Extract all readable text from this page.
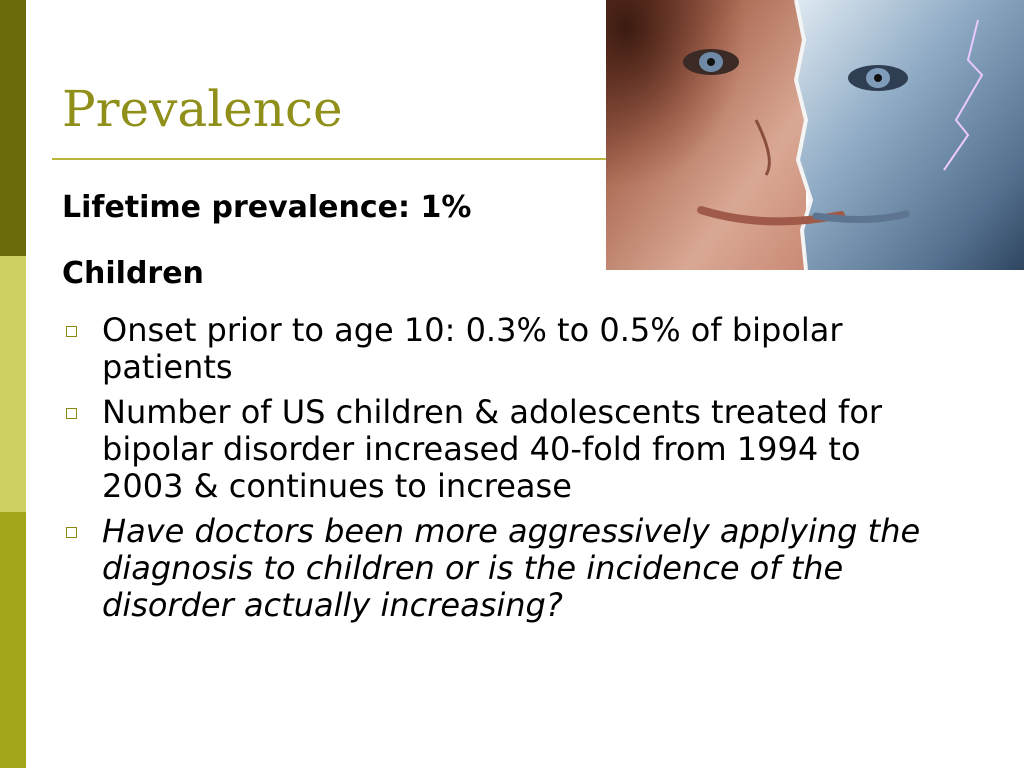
Prevalence
Lifetime prevalence: 1%
Children
Onset prior to age 10: 0.3% to 0.5% of bipolar patients
Number of US children & adolescents treated for bipolar disorder increased 40-fold from 1994 to 2003 & continues to increase
Have doctors been more aggressively applying the diagnosis to children or is the incidence of the disorder actually increasing?
